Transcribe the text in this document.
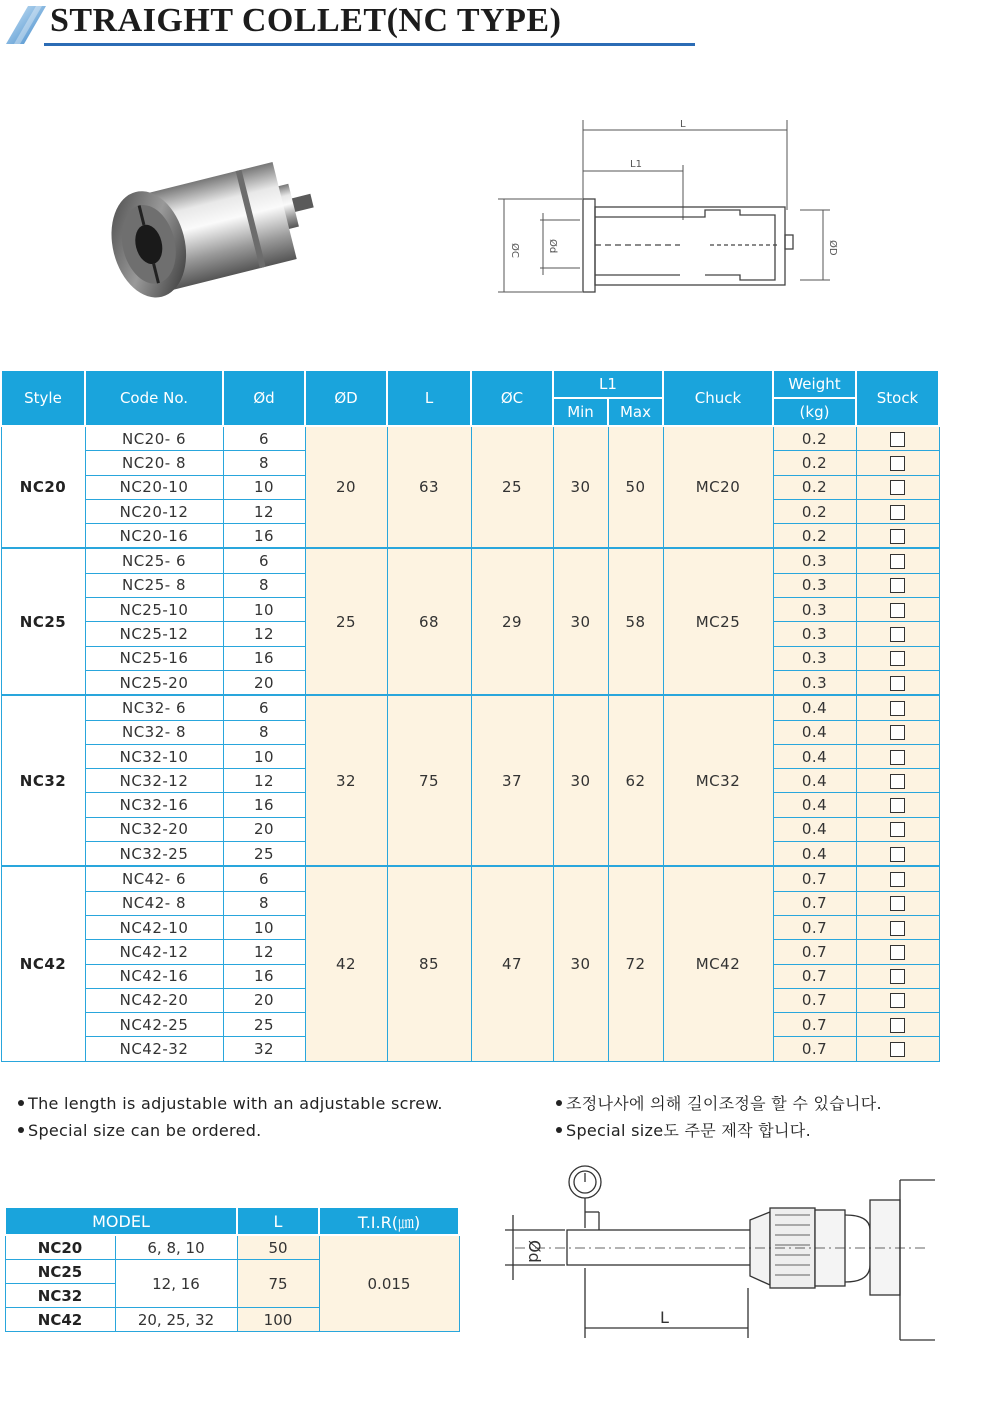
STRAIGHT COLLET(NC TYPE)
L
L1
ØC	Ød	ØD
Style	Code No.	Ød	ØD	L	ØC	L1		Chuck	Weight	Stock
						Min	Max		(kg)	
NC20	NC20- 6	6	20	63	25	30	50	MC20	0.2	
	NC20- 8	8							0.2	
	NC20-10	10							0.2	
	NC20-12	12							0.2	
	NC20-16	16							0.2	
NC25	NC25- 6	6	25	68	29	30	58	MC25	0.3	
	NC25- 8	8							0.3	
	NC25-10	10							0.3	
	NC25-12	12							0.3	
	NC25-16	16							0.3	
	NC25-20	20							0.3	
NC32	NC32- 6	6	32	75	37	30	62	MC32	0.4	
	NC32- 8	8							0.4	
	NC32-10	10							0.4	
	NC32-12	12							0.4	
	NC32-16	16							0.4	
	NC32-20	20							0.4	
	NC32-25	25							0.4	
NC42	NC42- 6	6	42	85	47	30	72	MC42	0.7	
	NC42- 8	8							0.7	
	NC42-10	10							0.7	
	NC42-12	12							0.7	
	NC42-16	16							0.7	
	NC42-20	20							0.7	
	NC42-25	25							0.7	
	NC42-32	32							0.7	
The length is adjustable with an adjustable screw.
Special size can be ordered.
조정나사에 의해 길이조정을 할 수 있습니다.
Special size도 주문 제작 합니다.
MODEL		L	T.I.R(㎛)
NC20	6, 8, 10	50	0.015
NC25	12, 16	75	
NC32			
NC42	20, 25, 32	100	
Ød
L
